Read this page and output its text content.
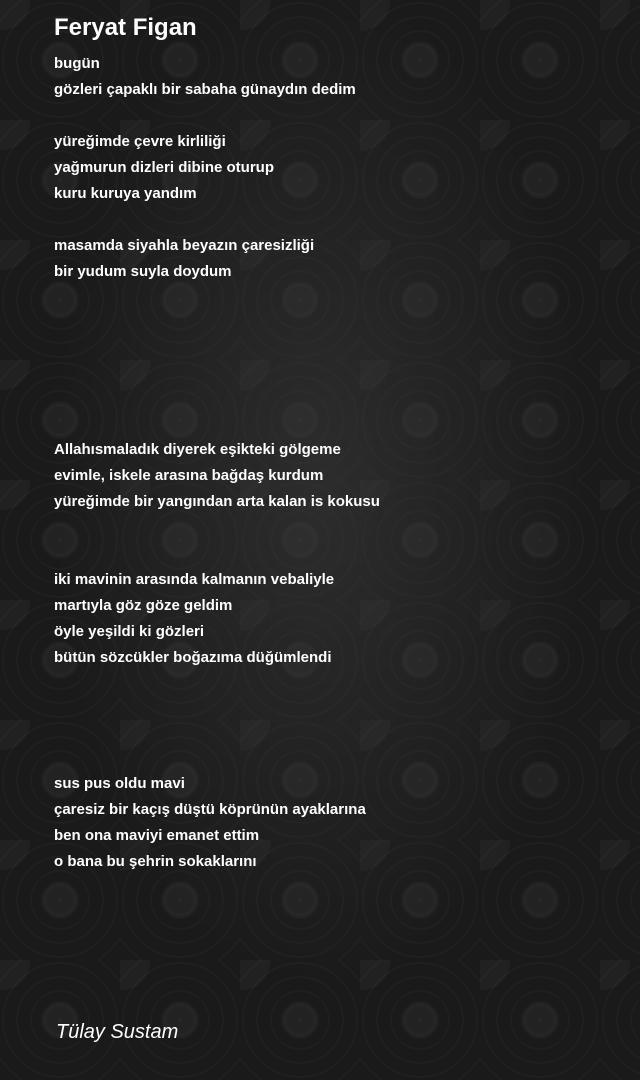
Feryat Figan
bugün
gözleri çapaklı bir sabaha günaydın dedim
yüreğimde çevre kirliliği
yağmurun dizleri dibine oturup
kuru kuruya yandım
masamda siyahla beyazın çaresizliği
bir yudum suyla doydum
Allahısmaladık diyerek eşikteki gölgeme
evimle, iskele arasına bağdaş kurdum
yüreğimde bir yangından arta kalan is kokusu
iki mavinin arasında kalmanın vebaliyle
martıyla göz göze geldim
öyle yeşildi ki gözleri
bütün sözcükler boğazıma düğümlendi
sus pus oldu mavi
çaresiz bir kaçış düştü köprünün ayaklarına
ben ona maviyi emanet ettim
o bana bu şehrin sokaklarını
Tülay Sustam
